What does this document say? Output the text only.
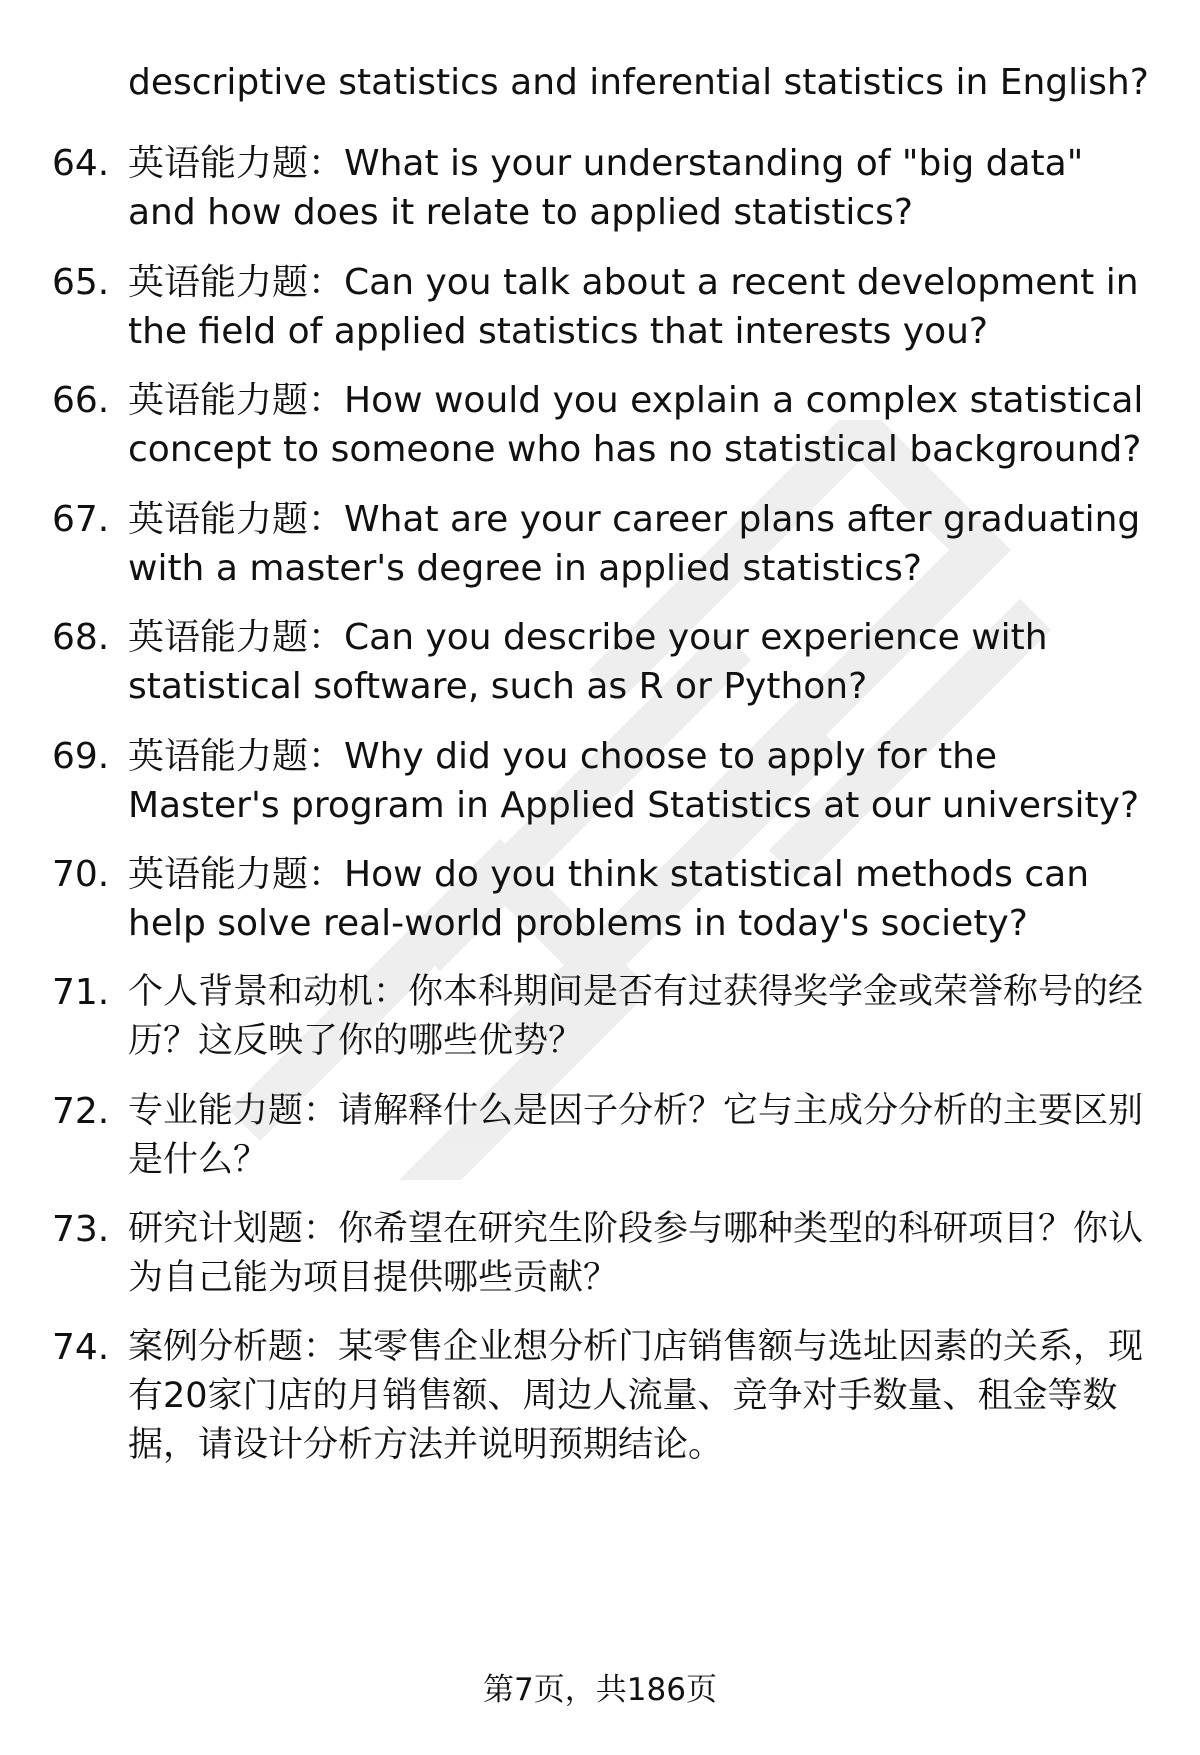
descriptive statistics and inferential statistics in English?
64. 英语能力题：What is your understanding of "big data" and how does it relate to applied statistics?
65. 英语能力题：Can you talk about a recent development in the field of applied statistics that interests you?
66. 英语能力题：How would you explain a complex statistical concept to someone who has no statistical background?
67. 英语能力题：What are your career plans after graduating with a master's degree in applied statistics?
68. 英语能力题：Can you describe your experience with statistical software, such as R or Python?
69. 英语能力题：Why did you choose to apply for the Master's program in Applied Statistics at our university?
70. 英语能力题：How do you think statistical methods can help solve real-world problems in today's society?
71. 个人背景和动机：你本科期间是否有过获得奖学金或荣誉称号的经历？这反映了你的哪些优势？
72. 专业能力题：请解释什么是因子分析？它与主成分分析的主要区别是什么？
73. 研究计划题：你希望在研究生阶段参与哪种类型的科研项目？你认为自己能为项目提供哪些贡献？
74. 案例分析题：某零售企业想分析门店销售额与选址因素的关系，现有20家门店的月销售额、周边人流量、竞争对手数量、租金等数据，请设计分析方法并说明预期结论。
第7页，共186页
